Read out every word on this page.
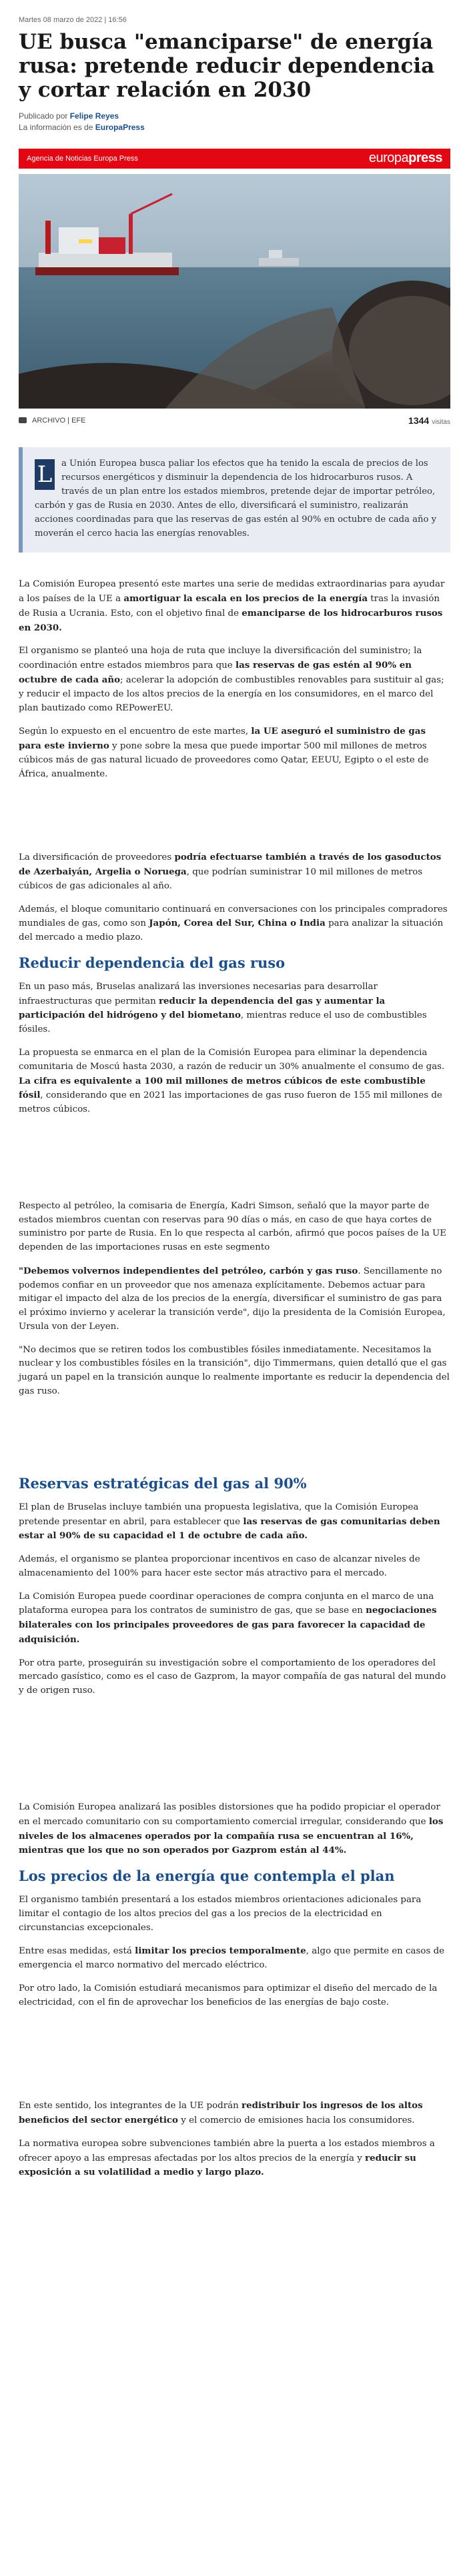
Martes 08 marzo de 2022 | 16:56
UE busca "emanciparse" de energía rusa: pretende reducir dependencia y cortar relación en 2030
Publicado por Felipe Reyes
La información es de EuropaPress
Agencia de Noticias Europa Press	europapress
ARCHIVO | EFE	1344 visitas
L a Unión Europea busca paliar los efectos que ha tenido la escala de precios de los recursos energéticos y disminuir la dependencia de los hidrocarburos rusos. A través de un plan entre los estados miembros, pretende dejar de importar petróleo, carbón y gas de Rusia en 2030. Antes de ello, diversificará el suministro, realizarán acciones coordinadas para que las reservas de gas estén al 90% en octubre de cada año y moverán el cerco hacia las energías renovables.

La Comisión Europea presentó este martes una serie de medidas extraordinarias para ayudar a los países de la UE a amortiguar la escala en los precios de la energía tras la invasión de Rusia a Ucrania. Esto, con el objetivo final de emanciparse de los hidrocarburos rusos en 2030.

El organismo se planteó una hoja de ruta que incluye la diversificación del suministro; la coordinación entre estados miembros para que las reservas de gas estén al 90% en octubre de cada año; acelerar la adopción de combustibles renovables para sustituir al gas; y reducir el impacto de los altos precios de la energía en los consumidores, en el marco del plan bautizado como REPowerEU.

Según lo expuesto en el encuentro de este martes, la UE aseguró el suministro de gas para este invierno y pone sobre la mesa que puede importar 500 mil millones de metros cúbicos más de gas natural licuado de proveedores como Qatar, EEUU, Egipto o el este de África, anualmente.

La diversificación de proveedores podría efectuarse también a través de los gasoductos de Azerbaiyán, Argelia o Noruega, que podrían suministrar 10 mil millones de metros cúbicos de gas adicionales al año.

Además, el bloque comunitario continuará en conversaciones con los principales compradores mundiales de gas, como son Japón, Corea del Sur, China o India para analizar la situación del mercado a medio plazo.

Reducir dependencia del gas ruso

En un paso más, Bruselas analizará las inversiones necesarias para desarrollar infraestructuras que permitan reducir la dependencia del gas y aumentar la participación del hidrógeno y del biometano, mientras reduce el uso de combustibles fósiles.

La propuesta se enmarca en el plan de la Comisión Europea para eliminar la dependencia comunitaria de Moscú hasta 2030, a razón de reducir un 30% anualmente el consumo de gas. La cifra es equivalente a 100 mil millones de metros cúbicos de este combustible fósil, considerando que en 2021 las importaciones de gas ruso fueron de 155 mil millones de metros cúbicos.

Respecto al petróleo, la comisaria de Energía, Kadri Simson, señaló que la mayor parte de estados miembros cuentan con reservas para 90 días o más, en caso de que haya cortes de suministro por parte de Rusia. En lo que respecta al carbón, afirmó que pocos países de la UE dependen de las importaciones rusas en este segmento

"Debemos volvernos independientes del petróleo, carbón y gas ruso. Sencillamente no podemos confiar en un proveedor que nos amenaza explícitamente. Debemos actuar para mitigar el impacto del alza de los precios de la energía, diversificar el suministro de gas para el próximo invierno y acelerar la transición verde", dijo la presidenta de la Comisión Europea, Ursula von der Leyen.

"No decimos que se retiren todos los combustibles fósiles inmediatamente. Necesitamos la nuclear y los combustibles fósiles en la transición", dijo Timmermans, quien detalló que el gas jugará un papel en la transición aunque lo realmente importante es reducir la dependencia del gas ruso.

Reservas estratégicas del gas al 90%

El plan de Bruselas incluye también una propuesta legislativa, que la Comisión Europea pretende presentar en abril, para establecer que las reservas de gas comunitarias deben estar al 90% de su capacidad el 1 de octubre de cada año.

Además, el organismo se plantea proporcionar incentivos en caso de alcanzar niveles de almacenamiento del 100% para hacer este sector más atractivo para el mercado.

La Comisión Europea puede coordinar operaciones de compra conjunta en el marco de una plataforma europea para los contratos de suministro de gas, que se base en negociaciones bilaterales con los principales proveedores de gas para favorecer la capacidad de adquisición.

Por otra parte, proseguirán su investigación sobre el comportamiento de los operadores del mercado gasístico, como es el caso de Gazprom, la mayor compañía de gas natural del mundo y de origen ruso.

La Comisión Europea analizará las posibles distorsiones que ha podido propiciar el operador en el mercado comunitario con su comportamiento comercial irregular, considerando que los niveles de los almacenes operados por la compañía rusa se encuentran al 16%, mientras que los que no son operados por Gazprom están al 44%.

Los precios de la energía que contempla el plan

El organismo también presentará a los estados miembros orientaciones adicionales para limitar el contagio de los altos precios del gas a los precios de la electricidad en circunstancias excepcionales.

Entre esas medidas, está limitar los precios temporalmente, algo que permite en casos de emergencia el marco normativo del mercado eléctrico.

Por otro lado, la Comisión estudiará mecanismos para optimizar el diseño del mercado de la electricidad, con el fin de aprovechar los beneficios de las energías de bajo coste.

En este sentido, los integrantes de la UE podrán redistribuir los ingresos de los altos beneficios del sector energético y el comercio de emisiones hacia los consumidores.

La normativa europea sobre subvenciones también abre la puerta a los estados miembros a ofrecer apoyo a las empresas afectadas por los altos precios de la energía y reducir su exposición a su volatilidad a medio y largo plazo.
